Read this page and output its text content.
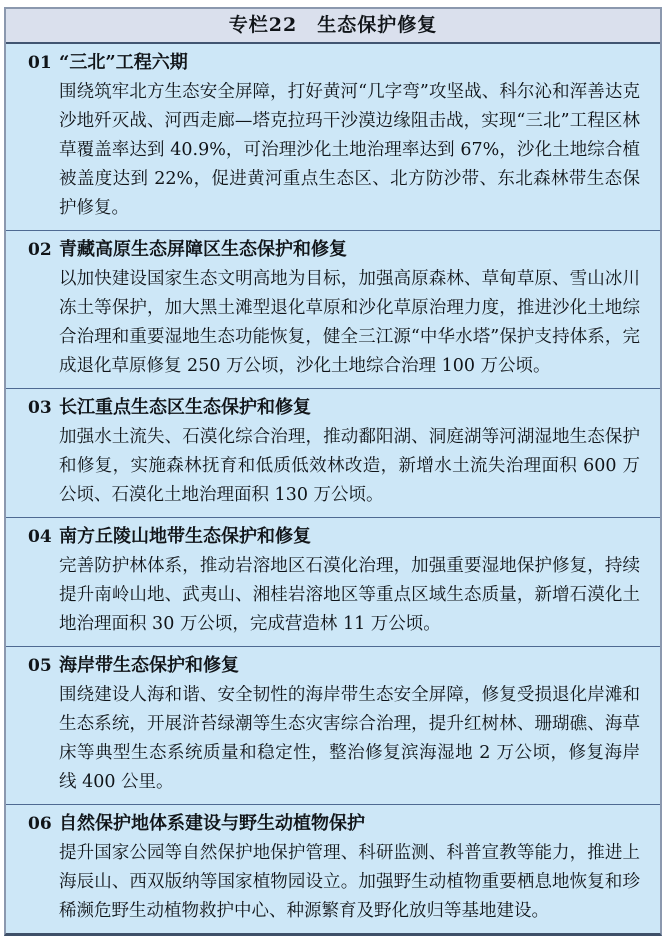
专栏22　生态保护修复
01 “三北”工程六期
围绕筑牢北方生态安全屏障，打好黄河“几字弯”攻坚战、科尔沁和浑善达克沙地歼灭战、河西走廊—塔克拉玛干沙漠边缘阻击战，实现“三北”工程区林草覆盖率达到 40.9%，可治理沙化土地治理率达到 67%，沙化土地综合植被盖度达到 22%，促进黄河重点生态区、北方防沙带、东北森林带生态保护修复。
02 青藏高原生态屏障区生态保护和修复
以加快建设国家生态文明高地为目标，加强高原森林、草甸草原、雪山冰川冻土等保护，加大黑土滩型退化草原和沙化草原治理力度，推进沙化土地综合治理和重要湿地生态功能恢复，健全三江源“中华水塔”保护支持体系，完成退化草原修复 250 万公顷，沙化土地综合治理 100 万公顷。
03 长江重点生态区生态保护和修复
加强水土流失、石漠化综合治理，推动鄱阳湖、洞庭湖等河湖湿地生态保护和修复，实施森林抚育和低质低效林改造，新增水土流失治理面积 600 万公顷、石漠化土地治理面积 130 万公顷。
04 南方丘陵山地带生态保护和修复
完善防护林体系，推动岩溶地区石漠化治理，加强重要湿地保护修复，持续提升南岭山地、武夷山、湘桂岩溶地区等重点区域生态质量，新增石漠化土地治理面积 30 万公顷，完成营造林 11 万公顷。
05 海岸带生态保护和修复
围绕建设人海和谐、安全韧性的海岸带生态安全屏障，修复受损退化岸滩和生态系统，开展浒苔绿潮等生态灾害综合治理，提升红树林、珊瑚礁、海草床等典型生态系统质量和稳定性，整治修复滨海湿地 2 万公顷，修复海岸线 400 公里。
06 自然保护地体系建设与野生动植物保护
提升国家公园等自然保护地保护管理、科研监测、科普宣教等能力，推进上海辰山、西双版纳等国家植物园设立。加强野生动植物重要栖息地恢复和珍稀濒危野生动植物救护中心、种源繁育及野化放归等基地建设。
